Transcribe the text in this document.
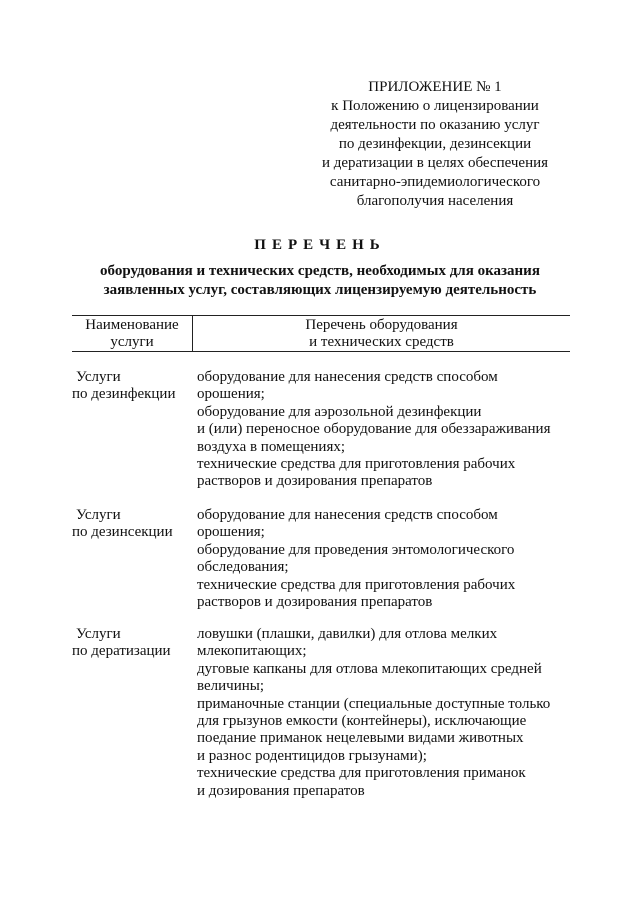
ПРИЛОЖЕНИЕ № 1
к Положению о лицензировании
деятельности по оказанию услуг
по дезинфекции, дезинсекции
и дератизации в целях обеспечения
санитарно-эпидемиологического
благополучия населения
ПЕРЕЧЕНЬ
оборудования и технических средств, необходимых для оказания
заявленных услуг, составляющих лицензируемую деятельность
Наименование
услуги
Перечень оборудования
и технических средств
Услуги
по дезинфекции
оборудование для нанесения средств способом
орошения;
оборудование для аэрозольной дезинфекции
и (или) переносное оборудование для обеззараживания
воздуха в помещениях;
технические средства для приготовления рабочих
растворов и дозирования препаратов
Услуги
по дезинсекции
оборудование для нанесения средств способом
орошения;
оборудование для проведения энтомологического
обследования;
технические средства для приготовления рабочих
растворов и дозирования препаратов
Услуги
по дератизации
ловушки (плашки, давилки) для отлова мелких
млекопитающих;
дуговые капканы для отлова млекопитающих средней
величины;
приманочные станции (специальные доступные только
для грызунов емкости (контейнеры), исключающие
поедание приманок нецелевыми видами животных
и разнос родентицидов грызунами);
технические средства для приготовления приманок
и дозирования препаратов
